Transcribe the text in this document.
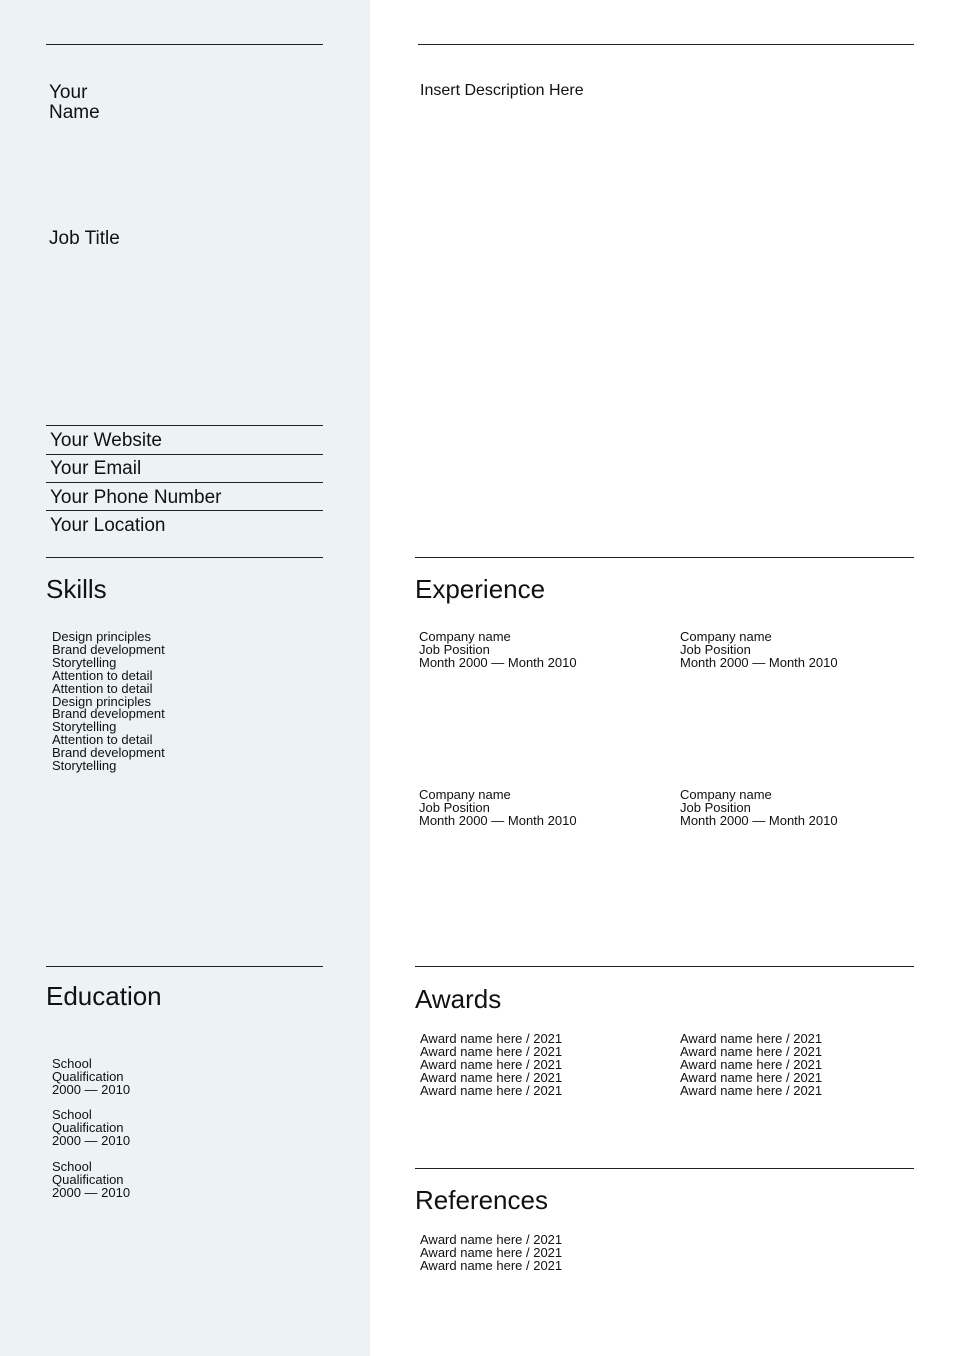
Your
Name
Insert Description Here
Job Title
Your Website
Your Email
Your Phone Number
Your Location
Skills
Design principles
Brand development
Storytelling
Attention to detail
Attention to detail
Design principles
Brand development
Storytelling
Attention to detail
Brand development
Storytelling
Experience
Company name
Job Position
Month 2000 — Month 2010
Company name
Job Position
Month 2000 — Month 2010
Company name
Job Position
Month 2000 — Month 2010
Company name
Job Position
Month 2000 — Month 2010
Education
School
Qualification
2000 — 2010
School
Qualification
2000 — 2010
School
Qualification
2000 — 2010
Awards
Award name here / 2021
Award name here / 2021
Award name here / 2021
Award name here / 2021
Award name here / 2021
Award name here / 2021
Award name here / 2021
Award name here / 2021
Award name here / 2021
Award name here / 2021
References
Award name here / 2021
Award name here / 2021
Award name here / 2021
